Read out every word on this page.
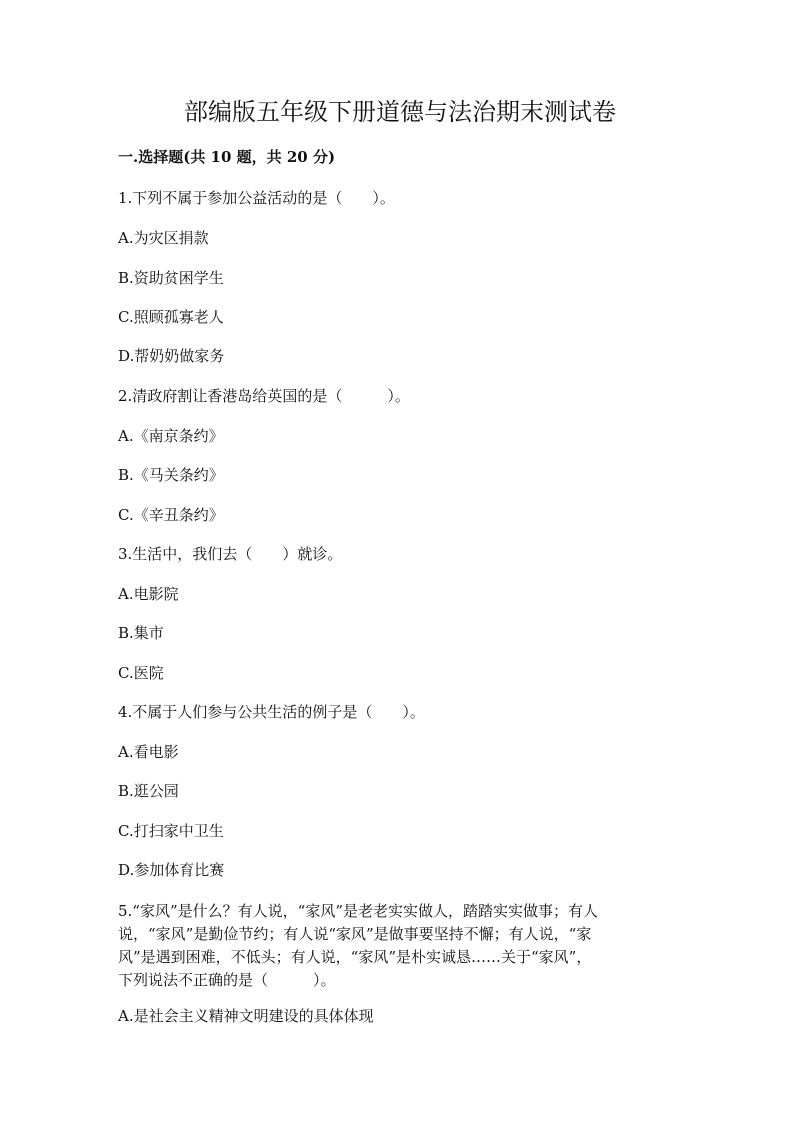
部编版五年级下册道德与法治期末测试卷
一.选择题(共 10 题，共 20 分)
1.下列不属于参加公益活动的是（　　）。
A.为灾区捐款
B.资助贫困学生
C.照顾孤寡老人
D.帮奶奶做家务
2.清政府割让香港岛给英国的是（　　　）。
A.《南京条约》
B.《马关条约》
C.《辛丑条约》
3.生活中，我们去（　　）就诊。
A.电影院
B.集市
C.医院
4.不属于人们参与公共生活的例子是（　　）。
A.看电影
B.逛公园
C.打扫家中卫生
D.参加体育比赛
5.“家风”是什么？有人说，“家风”是老老实实做人，踏踏实实做事；有人
说，“家风”是勤俭节约；有人说“家风”是做事要坚持不懈；有人说，“家
风”是遇到困难，不低头；有人说，“家风”是朴实诚恳……关于“家风”，
下列说法不正确的是（　　　）。
A.是社会主义精神文明建设的具体体现
